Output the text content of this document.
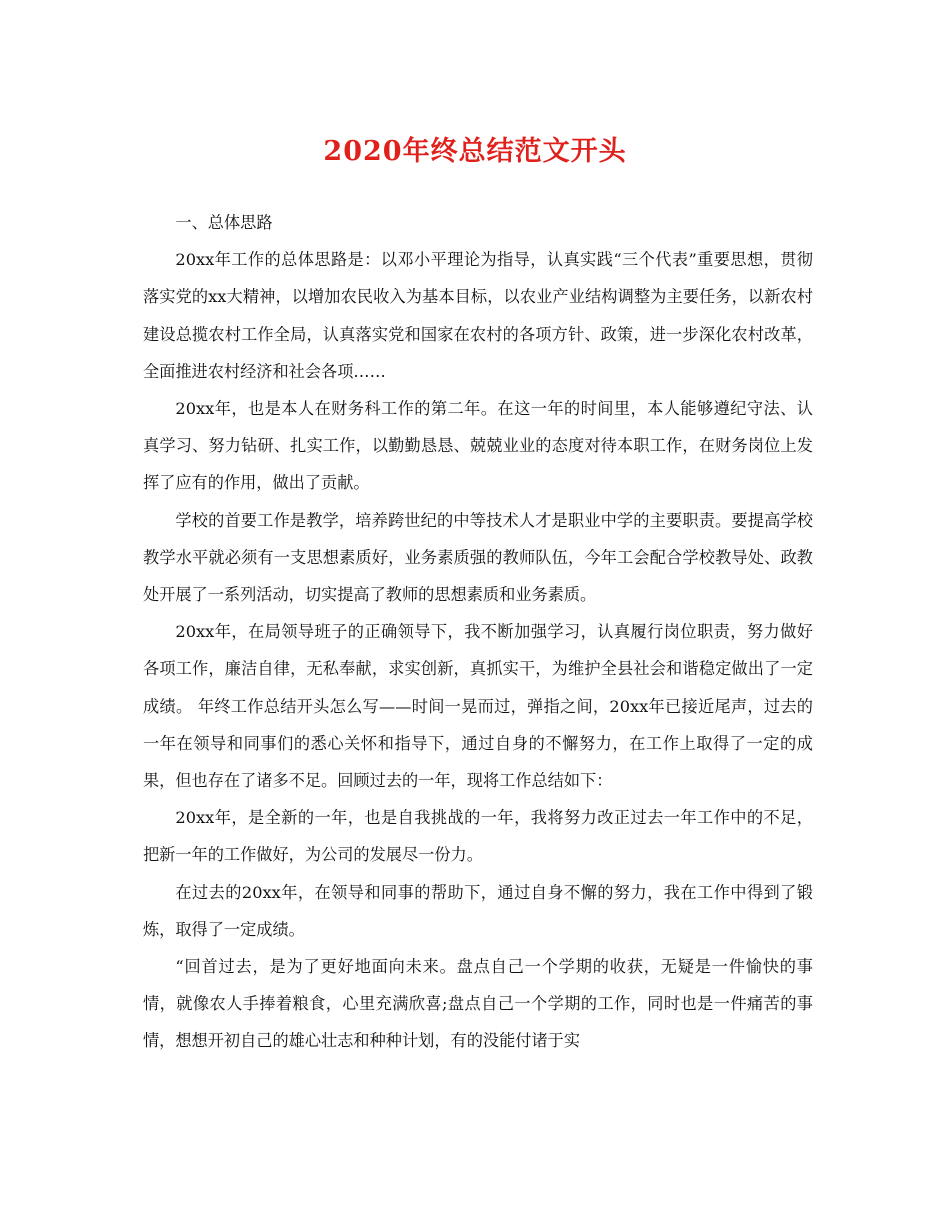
2020年终总结范文开头

一、总体思路

20xx年工作的总体思路是：以邓小平理论为指导，认真实践“三个代表”重要思想，贯彻落实党的xx大精神，以增加农民收入为基本目标，以农业产业结构调整为主要任务，以新农村建设总揽农村工作全局，认真落实党和国家在农村的各项方针、政策，进一步深化农村改革，全面推进农村经济和社会各项……

20xx年，也是本人在财务科工作的第二年。在这一年的时间里，本人能够遵纪守法、认真学习、努力钻研、扎实工作，以勤勤恳恳、兢兢业业的态度对待本职工作，在财务岗位上发挥了应有的作用，做出了贡献。

学校的首要工作是教学，培养跨世纪的中等技术人才是职业中学的主要职责。要提高学校教学水平就必须有一支思想素质好，业务素质强的教师队伍，今年工会配合学校教导处、政教处开展了一系列活动，切实提高了教师的思想素质和业务素质。

20xx年，在局领导班子的正确领导下，我不断加强学习，认真履行岗位职责，努力做好各项工作，廉洁自律，无私奉献，求实创新，真抓实干，为维护全县社会和谐稳定做出了一定成绩。 年终工作总结开头怎么写——时间一晃而过，弹指之间，20xx年已接近尾声，过去的一年在领导和同事们的悉心关怀和指导下，通过自身的不懈努力，在工作上取得了一定的成果，但也存在了诸多不足。回顾过去的一年，现将工作总结如下：

20xx年，是全新的一年，也是自我挑战的一年，我将努力改正过去一年工作中的不足，把新一年的工作做好，为公司的发展尽一份力。

在过去的20xx年，在领导和同事的帮助下，通过自身不懈的努力，我在工作中得到了锻炼，取得了一定成绩。

“回首过去，是为了更好地面向未来。盘点自己一个学期的收获，无疑是一件愉快的事情，就像农人手捧着粮食，心里充满欣喜;盘点自己一个学期的工作，同时也是一件痛苦的事情，想想开初自己的雄心壮志和种种计划，有的没能付诸于实
